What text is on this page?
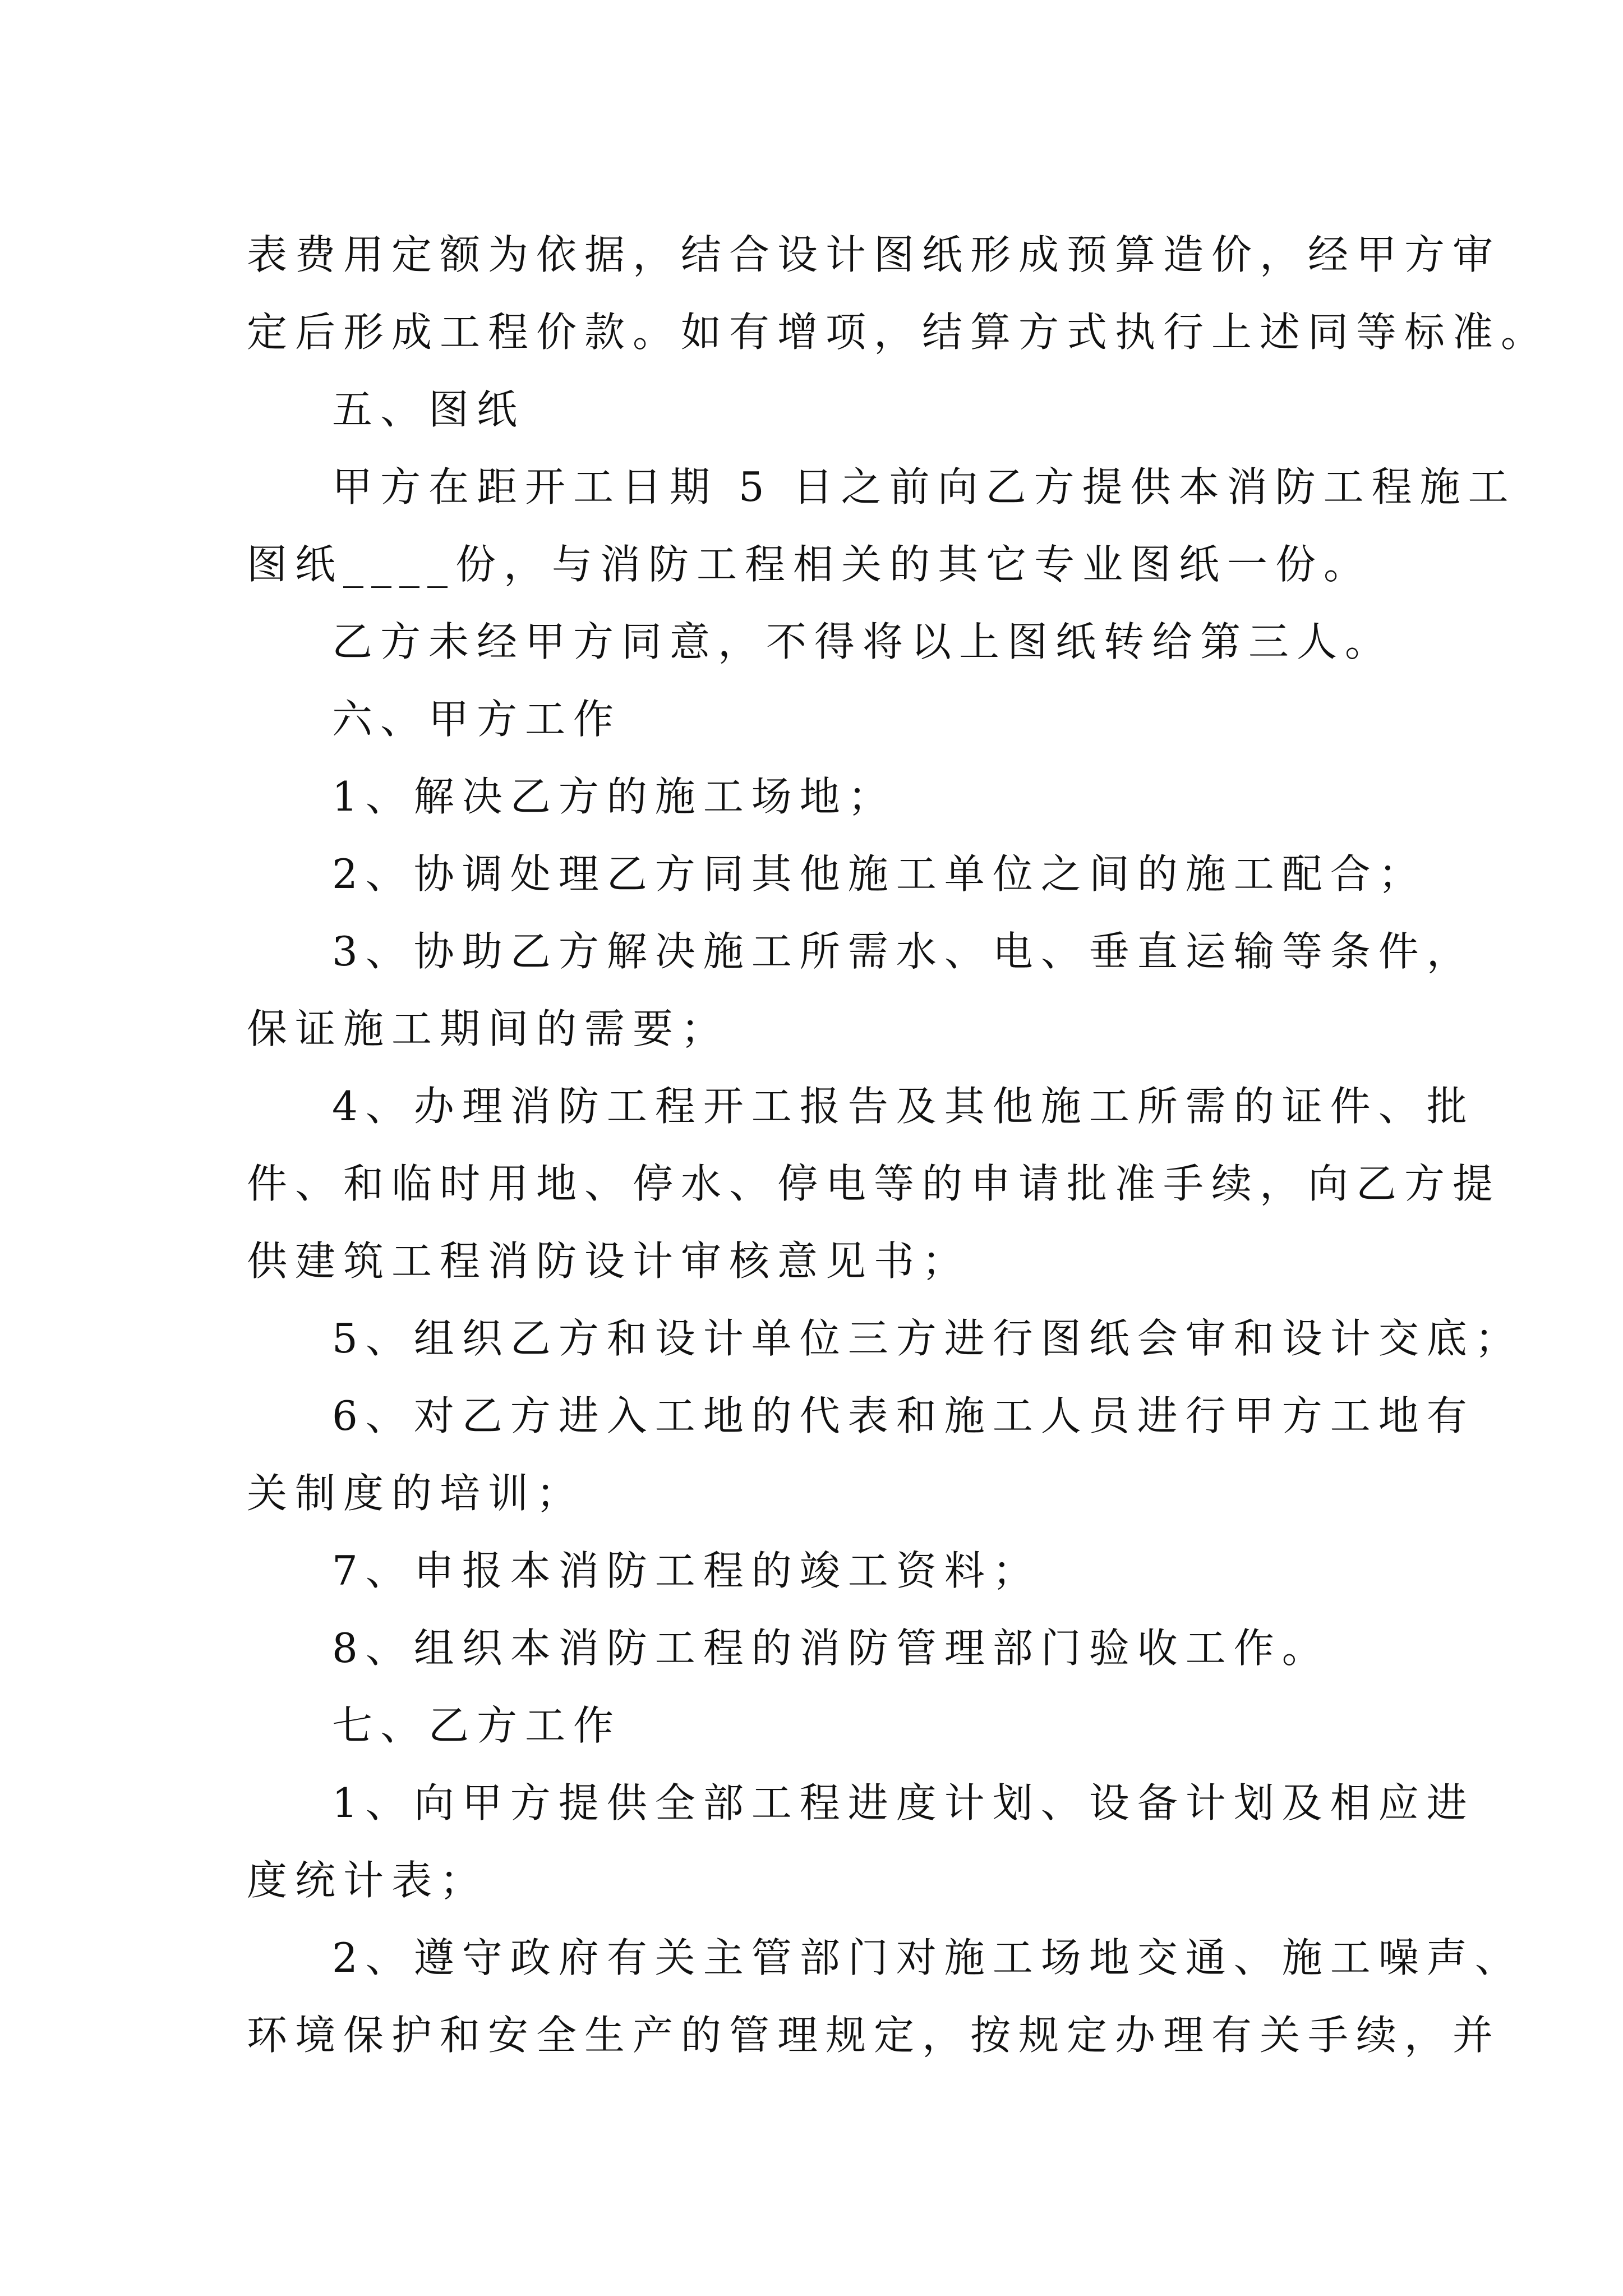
表费用定额为依据，结合设计图纸形成预算造价，经甲方审
定后形成工程价款。如有增项，结算方式执行上述同等标准。
五、图纸
甲方在距开工日期 5 日之前向乙方提供本消防工程施工
图纸____份，与消防工程相关的其它专业图纸一份。
乙方未经甲方同意，不得将以上图纸转给第三人。
六、甲方工作
1、解决乙方的施工场地；
2、协调处理乙方同其他施工单位之间的施工配合；
3、协助乙方解决施工所需水、电、垂直运输等条件，
保证施工期间的需要；
4、办理消防工程开工报告及其他施工所需的证件、批
件、和临时用地、停水、停电等的申请批准手续，向乙方提
供建筑工程消防设计审核意见书；
5、组织乙方和设计单位三方进行图纸会审和设计交底；
6、对乙方进入工地的代表和施工人员进行甲方工地有
关制度的培训；
7、申报本消防工程的竣工资料；
8、组织本消防工程的消防管理部门验收工作。
七、乙方工作
1、向甲方提供全部工程进度计划、设备计划及相应进
度统计表；
2、遵守政府有关主管部门对施工场地交通、施工噪声、
环境保护和安全生产的管理规定，按规定办理有关手续，并
